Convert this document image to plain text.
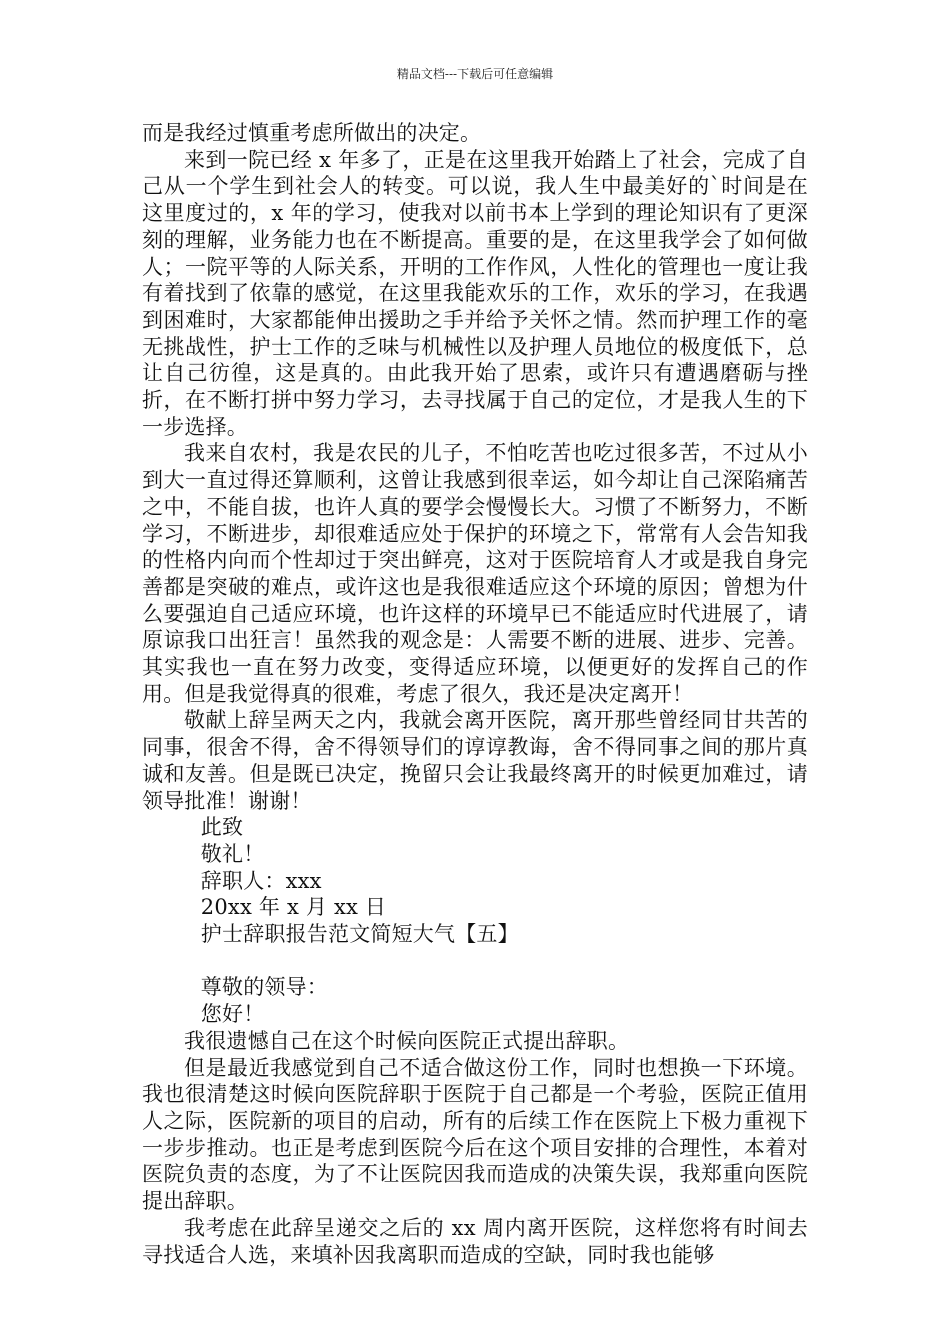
精品文档---下载后可任意编辑

而是我经过慎重考虑所做出的决定。

来到一院已经 x 年多了，正是在这里我开始踏上了社会，完成了自己从一个学生到社会人的转变。可以说，我人生中最美好的`时间是在这里度过的，x 年的学习，使我对以前书本上学到的理论知识有了更深刻的理解，业务能力也在不断提高。重要的是，在这里我学会了如何做人；一院平等的人际关系，开明的工作作风，人性化的管理也一度让我有着找到了依靠的感觉，在这里我能欢乐的工作，欢乐的学习，在我遇到困难时，大家都能伸出援助之手并给予关怀之情。然而护理工作的毫无挑战性，护士工作的乏味与机械性以及护理人员地位的极度低下，总让自己彷徨，这是真的。由此我开始了思索，或许只有遭遇磨砺与挫折，在不断打拼中努力学习，去寻找属于自己的定位，才是我人生的下一步选择。

我来自农村，我是农民的儿子，不怕吃苦也吃过很多苦，不过从小到大一直过得还算顺利，这曾让我感到很幸运，如今却让自己深陷痛苦之中，不能自拔，也许人真的要学会慢慢长大。习惯了不断努力，不断学习，不断进步，却很难适应处于保护的环境之下，常常有人会告知我的性格内向而个性却过于突出鲜亮，这对于医院培育人才或是我自身完善都是突破的难点，或许这也是我很难适应这个环境的原因；曾想为什么要强迫自己适应环境，也许这样的环境早已不能适应时代进展了，请原谅我口出狂言！虽然我的观念是：人需要不断的进展、进步、完善。其实我也一直在努力改变，变得适应环境，以便更好的发挥自己的作用。但是我觉得真的很难，考虑了很久，我还是决定离开！

敬献上辞呈两天之内，我就会离开医院，离开那些曾经同甘共苦的同事，很舍不得，舍不得领导们的谆谆教诲，舍不得同事之间的那片真诚和友善。但是既已决定，挽留只会让我最终离开的时候更加难过，请领导批准！谢谢！

此致

敬礼！

辞职人：xxx

20xx 年 x 月 xx 日

护士辞职报告范文简短大气【五】

尊敬的领导：

您好！

我很遗憾自己在这个时候向医院正式提出辞职。

但是最近我感觉到自己不适合做这份工作，同时也想换一下环境。我也很清楚这时候向医院辞职于医院于自己都是一个考验，医院正值用人之际，医院新的项目的启动，所有的后续工作在医院上下极力重视下一步步推动。也正是考虑到医院今后在这个项目安排的合理性，本着对医院负责的态度，为了不让医院因我而造成的决策失误，我郑重向医院提出辞职。

我考虑在此辞呈递交之后的 xx 周内离开医院，这样您将有时间去寻找适合人选，来填补因我离职而造成的空缺，同时我也能够
